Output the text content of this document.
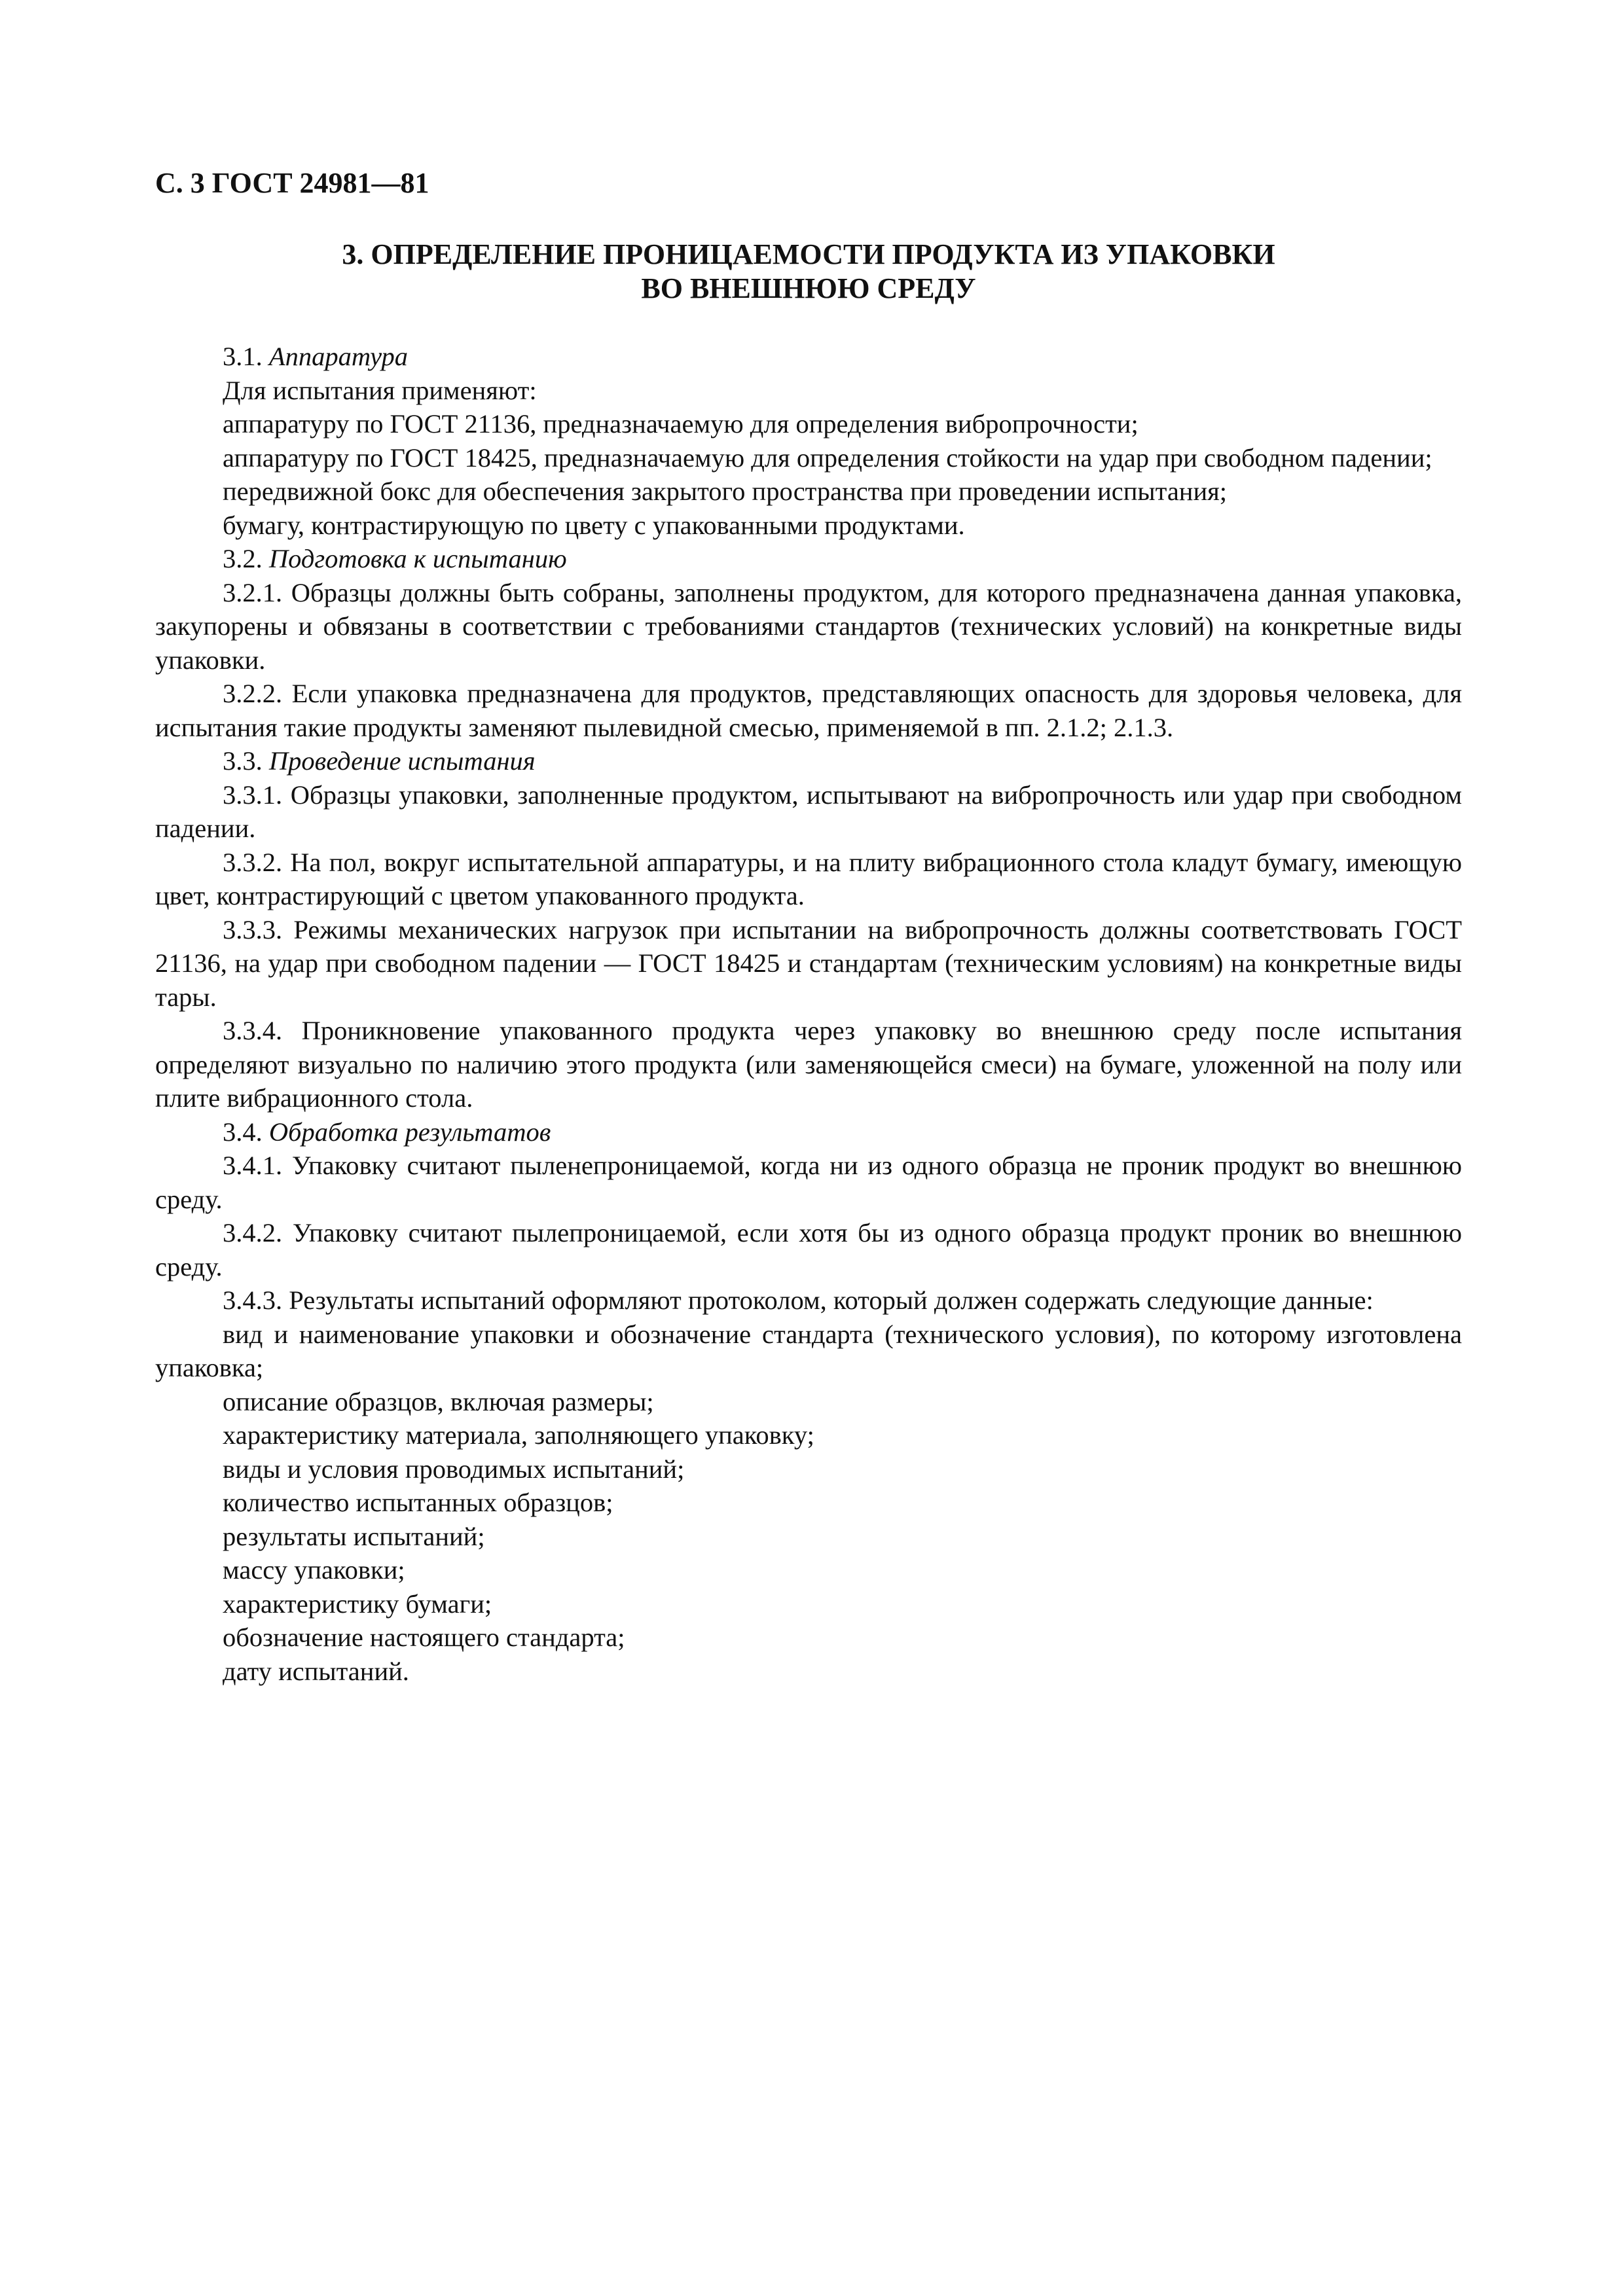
С. 3 ГОСТ 24981—81
3. ОПРЕДЕЛЕНИЕ ПРОНИЦАЕМОСТИ ПРОДУКТА ИЗ УПАКОВКИ
ВО ВНЕШНЮЮ СРЕДУ

3.1. Аппаратура

Для испытания применяют:

аппаратуру по ГОСТ 21136, предназначаемую для определения вибропрочности;

аппаратуру по ГОСТ 18425, предназначаемую для определения стойкости на удар при свободном падении;

передвижной бокс для обеспечения закрытого пространства при проведении испытания;

бумагу, контрастирующую по цвету с упакованными продуктами.

3.2. Подготовка к испытанию

3.2.1. Образцы должны быть собраны, заполнены продуктом, для которого предназначена данная упаковка, закупорены и обвязаны в соответствии с требованиями стандартов (технических условий) на конкретные виды упаковки.

3.2.2. Если упаковка предназначена для продуктов, представляющих опасность для здоровья человека, для испытания такие продукты заменяют пылевидной смесью, применяемой в пп. 2.1.2; 2.1.3.

3.3. Проведение испытания

3.3.1. Образцы упаковки, заполненные продуктом, испытывают на вибропрочность или удар при свободном падении.

3.3.2. На пол, вокруг испытательной аппаратуры, и на плиту вибрационного стола кладут бумагу, имеющую цвет, контрастирующий с цветом упакованного продукта.

3.3.3. Режимы механических нагрузок при испытании на вибропрочность должны соответствовать ГОСТ 21136, на удар при свободном падении — ГОСТ 18425 и стандартам (техническим условиям) на конкретные виды тары.

3.3.4. Проникновение упакованного продукта через упаковку во внешнюю среду после испытания определяют визуально по наличию этого продукта (или заменяющейся смеси) на бумаге, уложенной на полу или плите вибрационного стола.

3.4. Обработка результатов

3.4.1. Упаковку считают пыленепроницаемой, когда ни из одного образца не проник продукт во внешнюю среду.

3.4.2. Упаковку считают пылепроницаемой, если хотя бы из одного образца продукт проник во внешнюю среду.

3.4.3. Результаты испытаний оформляют протоколом, который должен содержать следующие данные:

вид и наименование упаковки и обозначение стандарта (технического условия), по которому изготовлена упаковка;

описание образцов, включая размеры;

характеристику материала, заполняющего упаковку;

виды и условия проводимых испытаний;

количество испытанных образцов;

результаты испытаний;

массу упаковки;

характеристику бумаги;

обозначение настоящего стандарта;

дату испытаний.
